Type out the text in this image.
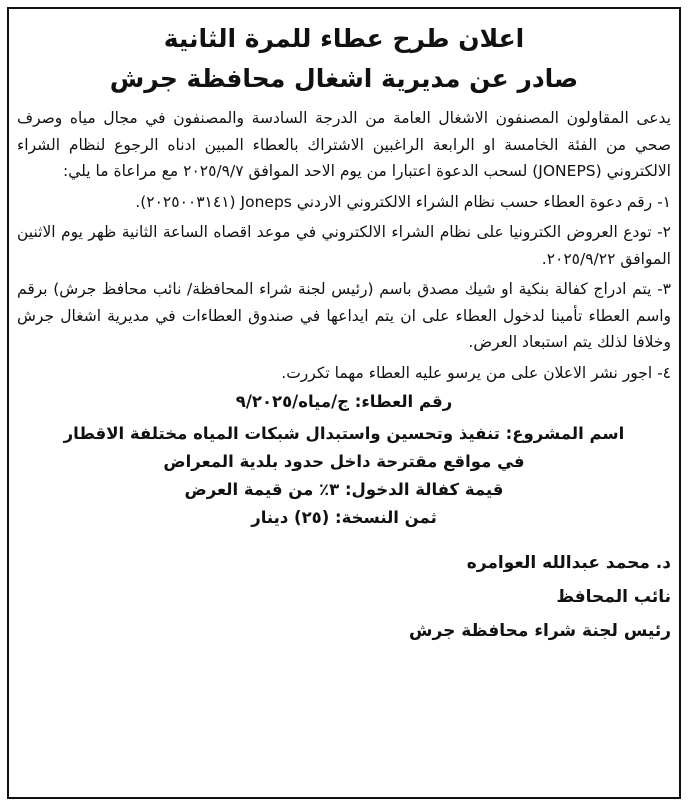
اعلان طرح عطاء للمرة الثانية
صادر عن مديرية اشغال محافظة جرش

يدعى المقاولون المصنفون الاشغال العامة من الدرجة السادسة والمصنفون في مجال مياه وصرف صحي من الفئة الخامسة او الرابعة الراغبين الاشتراك بالعطاء المبين ادناه الرجوع لنظام الشراء الالكتروني (JONEPS) لسحب الدعوة اعتبارا من يوم الاحد الموافق ٢٠٢٥/٩/٧ مع مراعاة ما يلي:

١- رقم دعوة العطاء حسب نظام الشراء الالكتروني الاردني Joneps (٢٠٢٥٠٠٣١٤١).

٢- تودع العروض الكترونيا على نظام الشراء الالكتروني في موعد اقصاه الساعة الثانية ظهر يوم الاثنين الموافق ٢٠٢٥/٩/٢٢.

٣- يتم ادراج كفالة بنكية او شيك مصدق باسم (رئيس لجنة شراء المحافظة/ نائب محافظ جرش) برقم واسم العطاء تأمينا لدخول العطاء على ان يتم ايداعها في صندوق العطاءات في مديرية اشغال جرش وخلافا لذلك يتم استبعاد العرض.

٤- اجور نشر الاعلان على من يرسو عليه العطاء مهما تكررت.

رقم العطاء: ج/مياه/٩/٢٠٢٥

اسم المشروع: تنفيذ وتحسين واستبدال شبكات المياه مختلفة الاقطار

في مواقع مقترحة داخل حدود بلدية المعراض

قيمة كفالة الدخول: ٣٪ من قيمة العرض

ثمن النسخة: (٢٥) دينار

د. محمد عبدالله العوامره

نائب المحافظ

رئيس لجنة شراء محافظة جرش
